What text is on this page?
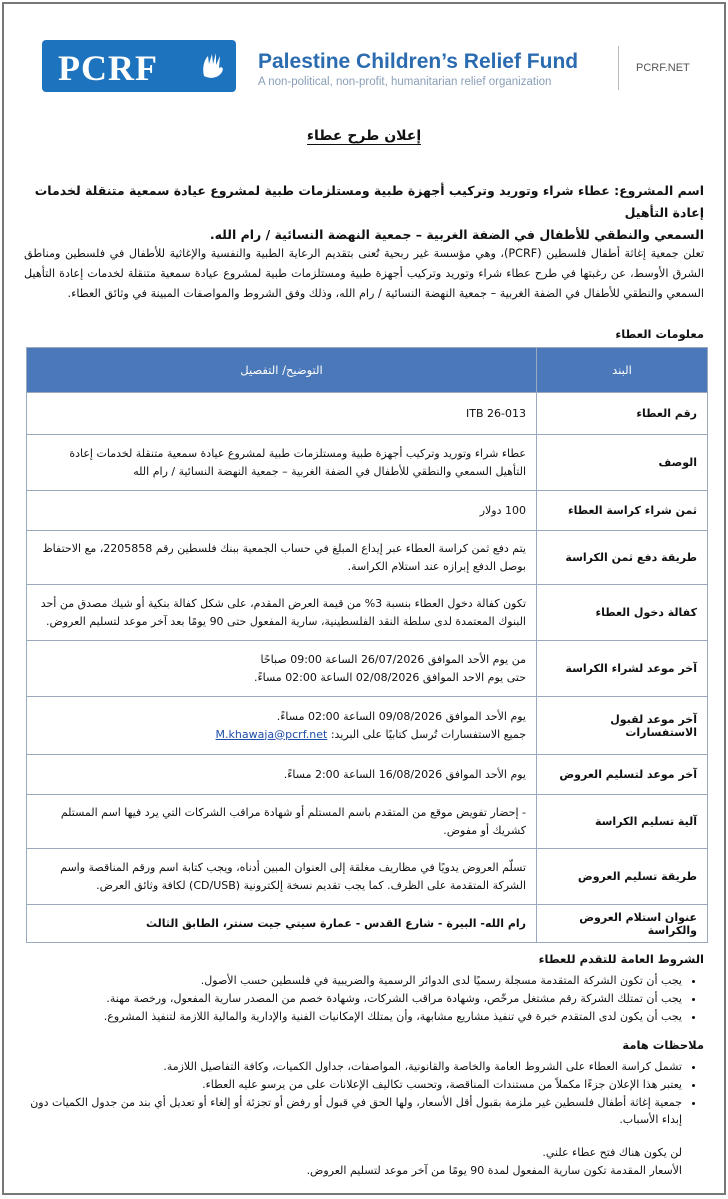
PCRF	Palestine Children’s Relief Fund
A non-political, non-profit, humanitarian relief organization
PCRF.NET
إعلان طرح عطاء
اسم المشروع: عطاء شراء وتوريد وتركيب أجهزة طبية ومستلزمات طبية لمشروع عيادة سمعية متنقلة لخدمات إعادة التأهيل
السمعي والنطقي للأطفال في الضفة الغربية – جمعية النهضة النسائية / رام الله.
تعلن جمعية إغاثة أطفال فلسطين (PCRF)، وهي مؤسسة غير ربحية تُعنى بتقديم الرعاية الطبية والنفسية والإغاثية للأطفال في فلسطين ومناطق الشرق الأوسط، عن رغبتها في طرح عطاء شراء وتوريد وتركيب أجهزة طبية ومستلزمات طبية لمشروع عيادة سمعية متنقلة لخدمات إعادة التأهيل السمعي والنطقي للأطفال في الضفة الغربية – جمعية النهضة النسائية / رام الله، وذلك وفق الشروط والمواصفات المبينة في وثائق العطاء.
معلومات العطاء
البند	التوضيح/ التفصيل
رقم العطاء	ITB 26-013
الوصف	عطاء شراء وتوريد وتركيب أجهزة طبية ومستلزمات طبية لمشروع عيادة سمعية متنقلة لخدمات إعادة التأهيل السمعي والنطقي للأطفال في الضفة الغربية – جمعية النهضة النسائية / رام الله
ثمن شراء كراسة العطاء	100 دولار
طريقة دفع ثمن الكراسة	يتم دفع ثمن كراسة العطاء عبر إيداع المبلغ في حساب الجمعية ببنك فلسطين رقم 2205858، مع الاحتفاظ بوصل الدفع إبرازه عند استلام الكراسة.
كفالة دخول العطاء	تكون كفالة دخول العطاء بنسبة 3% من قيمة العرض المقدم، على شكل كفالة بنكية أو شيك مصدق من أحد البنوك المعتمدة لدى سلطة النقد الفلسطينية، سارية المفعول حتى 90 يومًا بعد آخر موعد لتسليم العروض.
آخر موعد لشراء الكراسة	من يوم الأحد الموافق 26/07/2026 الساعة 09:00 صباحًا
حتى يوم الاحد الموافق 02/08/2026 الساعة 02:00 مساءً.

آخر موعد لقبول الاستفسارات	يوم الأحد الموافق 09/08/2026 الساعة 02:00 مساءً.
جميع الاستفسارات تُرسل كتابيًا على البريد: M.khawaja@pcrf.net

آخر موعد لتسليم العروض	يوم الأحد الموافق 16/08/2026 الساعة 2:00 مساءً.
آلية تسليم الكراسة	- إحضار تفويض موقع من المتقدم باسم المستلم أو شهادة مراقب الشركات التي يرد فيها اسم المستلم كشريك أو مفوض.
طريقة تسليم العروض	تسلّم العروض يدويًا في مظاريف مغلقة إلى العنوان المبين أدناه، ويجب كتابة اسم ورقم المناقصة واسم الشركة المتقدمة على الظرف. كما يجب تقديم نسخة إلكترونية (CD/USB) لكافة وثائق العرض.
عنوان استلام العروض والكراسة	رام الله- البيرة - شارع القدس - عمارة سيتي جيت سنتر، الطابق الثالث
الشروط العامة للتقدم للعطاء
• يجب أن تكون الشركة المتقدمة مسجلة رسميًا لدى الدوائر الرسمية والضريبية في فلسطين حسب الأصول.
• يجب أن تمتلك الشركة رقم مشتغل مرخّص، وشهادة مراقب الشركات، وشهادة خصم من المصدر سارية المفعول، ورخصة مهنة.
• يجب أن يكون لدى المتقدم خبرة في تنفيذ مشاريع مشابهة، وأن يمتلك الإمكانيات الفنية والإدارية والمالية اللازمة لتنفيذ المشروع.
ملاحظات هامة
• تشمل كراسة العطاء على الشروط العامة والخاصة والقانونية، المواصفات، جداول الكميات، وكافة التفاصيل اللازمة.
• يعتبر هذا الإعلان جزءًا مكملاً من مستندات المناقصة، وتحسب تكاليف الإعلانات على من يرسو عليه العطاء.
• جمعية إغاثة أطفال فلسطين غير ملزمة بقبول أقل الأسعار، ولها الحق في قبول أو رفض أو تجزئة أو إلغاء أو تعديل أي بند من جدول الكميات دون إبداء الأسباب.
لن يكون هناك فتح عطاء علني.
الأسعار المقدمة تكون سارية المفعول لمدة 90 يومًا من آخر موعد لتسليم العروض.
